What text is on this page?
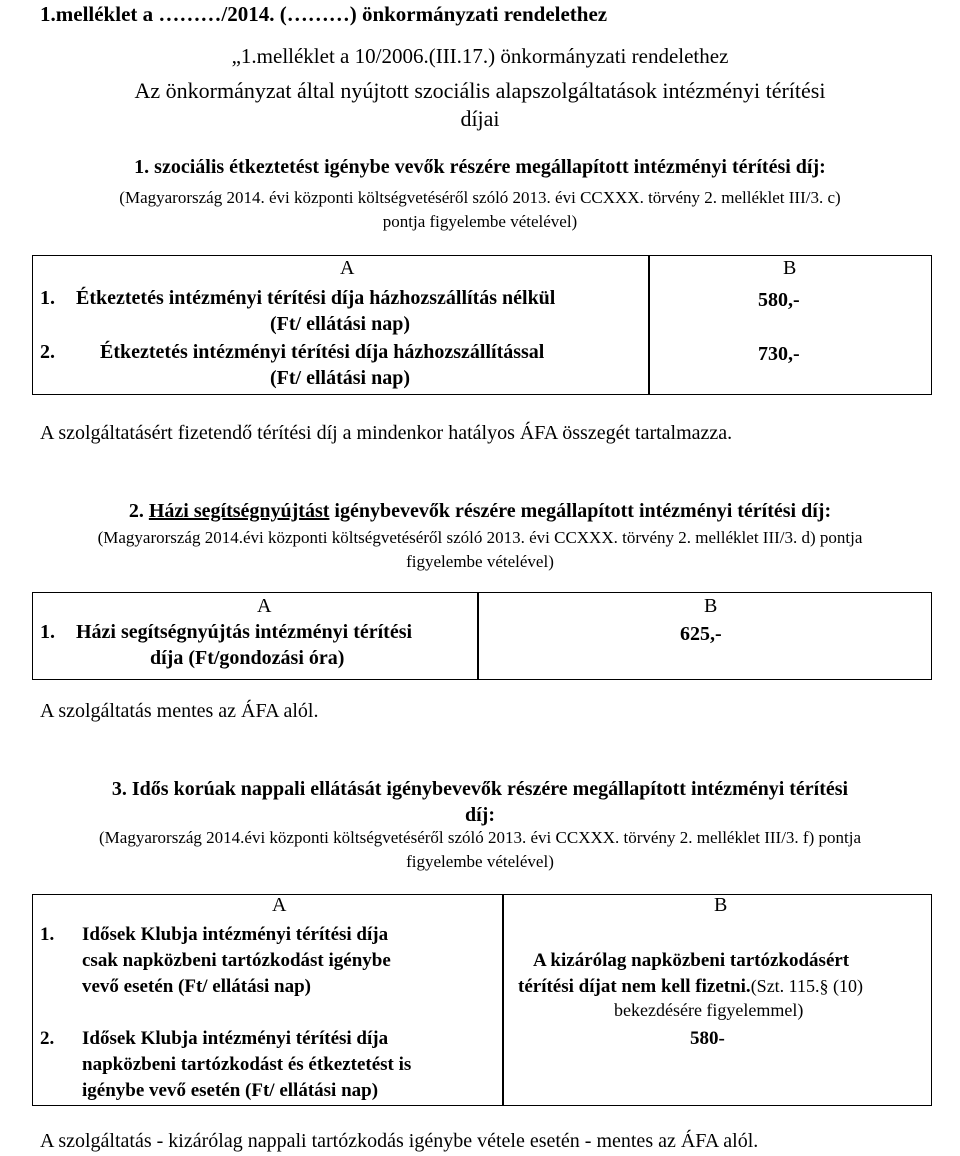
1.melléklet a ………/2014. (………) önkormányzati rendelethez
„1.melléklet a 10/2006.(III.17.) önkormányzati rendelethez
Az önkormányzat által nyújtott szociális alapszolgáltatások intézményi térítési
díjai
1. szociális étkeztetést igénybe vevők részére megállapított intézményi térítési díj:
(Magyarország 2014. évi központi költségvetéséről szóló 2013. évi CCXXX. törvény 2. melléklet III/3. c)
pontja figyelembe vételével)
A	B
1. Étkeztetés intézményi térítési díja házhozszállítás nélkül
(Ft/ ellátási nap)
580,-
2. Étkeztetés intézményi térítési díja házhozszállítással
(Ft/ ellátási nap)
730,-
A szolgáltatásért fizetendő térítési díj a mindenkor hatályos ÁFA összegét tartalmazza.
2. Házi segítségnyújtást igénybevevők részére megállapított intézményi térítési díj:
(Magyarország 2014.évi központi költségvetéséről szóló 2013. évi CCXXX. törvény 2. melléklet III/3. d) pontja
figyelembe vételével)
A	B
1. Házi segítségnyújtás intézményi térítési
díja (Ft/gondozási óra)
625,-
A szolgáltatás mentes az ÁFA alól.
3. Idős korúak nappali ellátását igénybevevők részére megállapított intézményi térítési
díj:
(Magyarország 2014.évi központi költségvetéséről szóló 2013. évi CCXXX. törvény 2. melléklet III/3. f) pontja
figyelembe vételével)
A	B
1. Idősek Klubja intézményi térítési díja
csak napközbeni tartózkodást igénybe
vevő esetén (Ft/ ellátási nap)
A kizárólag napközbeni tartózkodásért
térítési díjat nem kell fizetni.(Szt. 115.§ (10)
bekezdésére figyelemmel)
2. Idősek Klubja intézményi térítési díja
napközbeni tartózkodást és étkeztetést is
igénybe vevő esetén (Ft/ ellátási nap)
580-
A szolgáltatás - kizárólag nappali tartózkodás igénybe vétele esetén - mentes az ÁFA alól.
